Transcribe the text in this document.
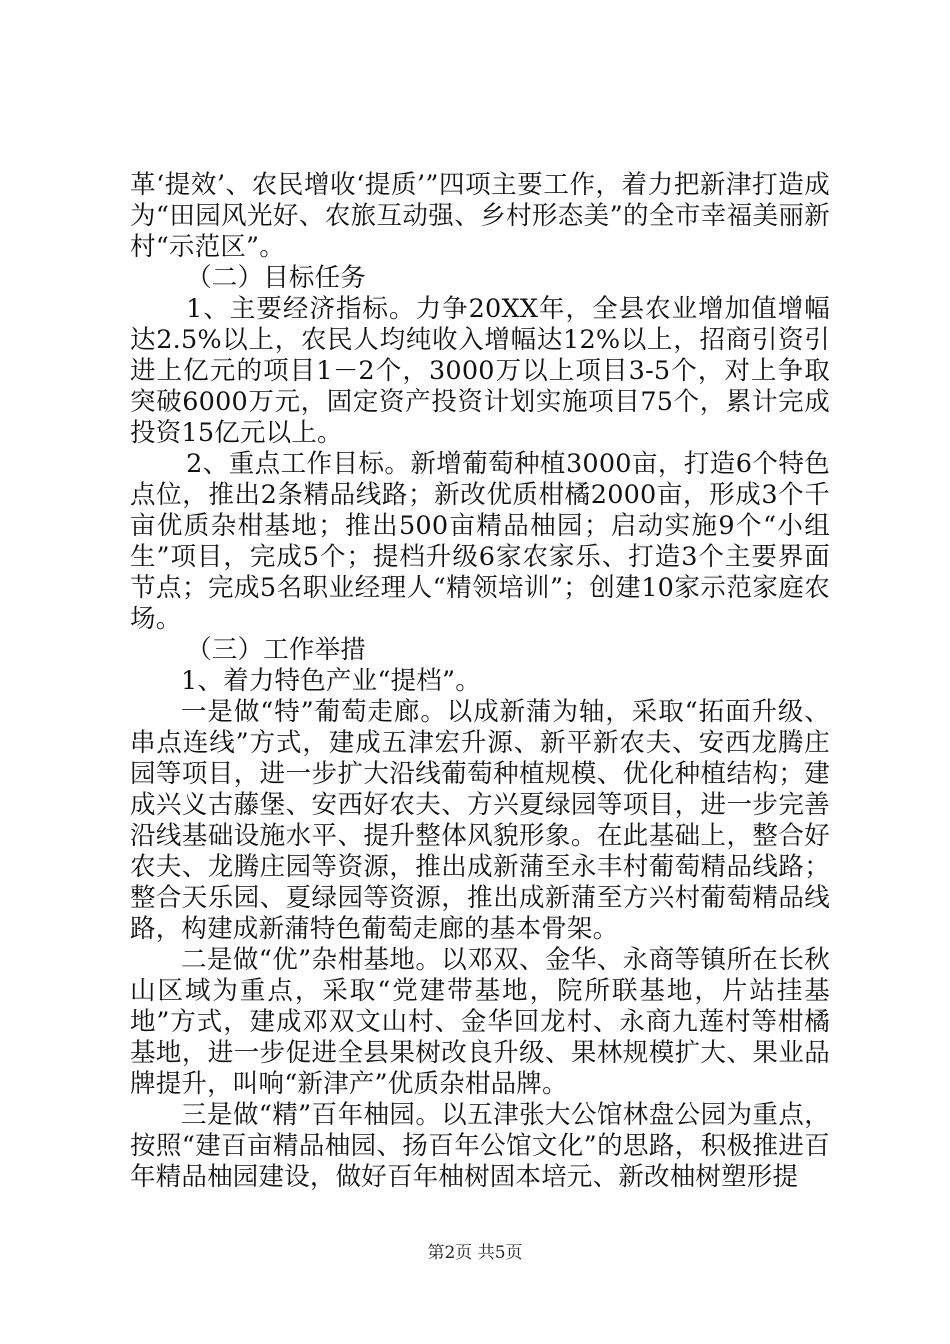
革‘提效’、农民增收‘提质’”四项主要工作，着力把新津打造成为“田园风光好、农旅互动强、乡村形态美”的全市幸福美丽新村“示范区”。

（二）目标任务

1、主要经济指标。力争20XX年，全县农业增加值增幅达2.5%以上，农民人均纯收入增幅达12%以上，招商引资引进上亿元的项目1－2个，3000万以上项目3-5个，对上争取突破6000万元，固定资产投资计划实施项目75个，累计完成投资15亿元以上。

2、重点工作目标。新增葡萄种植3000亩，打造6个特色点位，推出2条精品线路；新改优质柑橘2000亩，形成3个千亩优质杂柑基地；推出500亩精品柚园；启动实施9个“小组生”项目，完成5个；提档升级6家农家乐、打造3个主要界面节点；完成5名职业经理人“精领培训”；创建10家示范家庭农场。

（三）工作举措

1、着力特色产业“提档”。

一是做“特”葡萄走廊。以成新蒲为轴，采取“拓面升级、串点连线”方式，建成五津宏升源、新平新农夫、安西龙腾庄园等项目，进一步扩大沿线葡萄种植规模、优化种植结构；建成兴义古藤堡、安西好农夫、方兴夏绿园等项目，进一步完善沿线基础设施水平、提升整体风貌形象。在此基础上，整合好农夫、龙腾庄园等资源，推出成新蒲至永丰村葡萄精品线路；整合天乐园、夏绿园等资源，推出成新蒲至方兴村葡萄精品线路，构建成新蒲特色葡萄走廊的基本骨架。

二是做“优”杂柑基地。以邓双、金华、永商等镇所在长秋山区域为重点，采取“党建带基地，院所联基地，片站挂基地”方式，建成邓双文山村、金华回龙村、永商九莲村等柑橘基地，进一步促进全县果树改良升级、果林规模扩大、果业品牌提升，叫响“新津产”优质杂柑品牌。

三是做“精”百年柚园。以五津张大公馆林盘公园为重点，按照“建百亩精品柚园、扬百年公馆文化”的思路，积极推进百年精品柚园建设，做好百年柚树固本培元、新改柚树塑形提

第2页 共5页
